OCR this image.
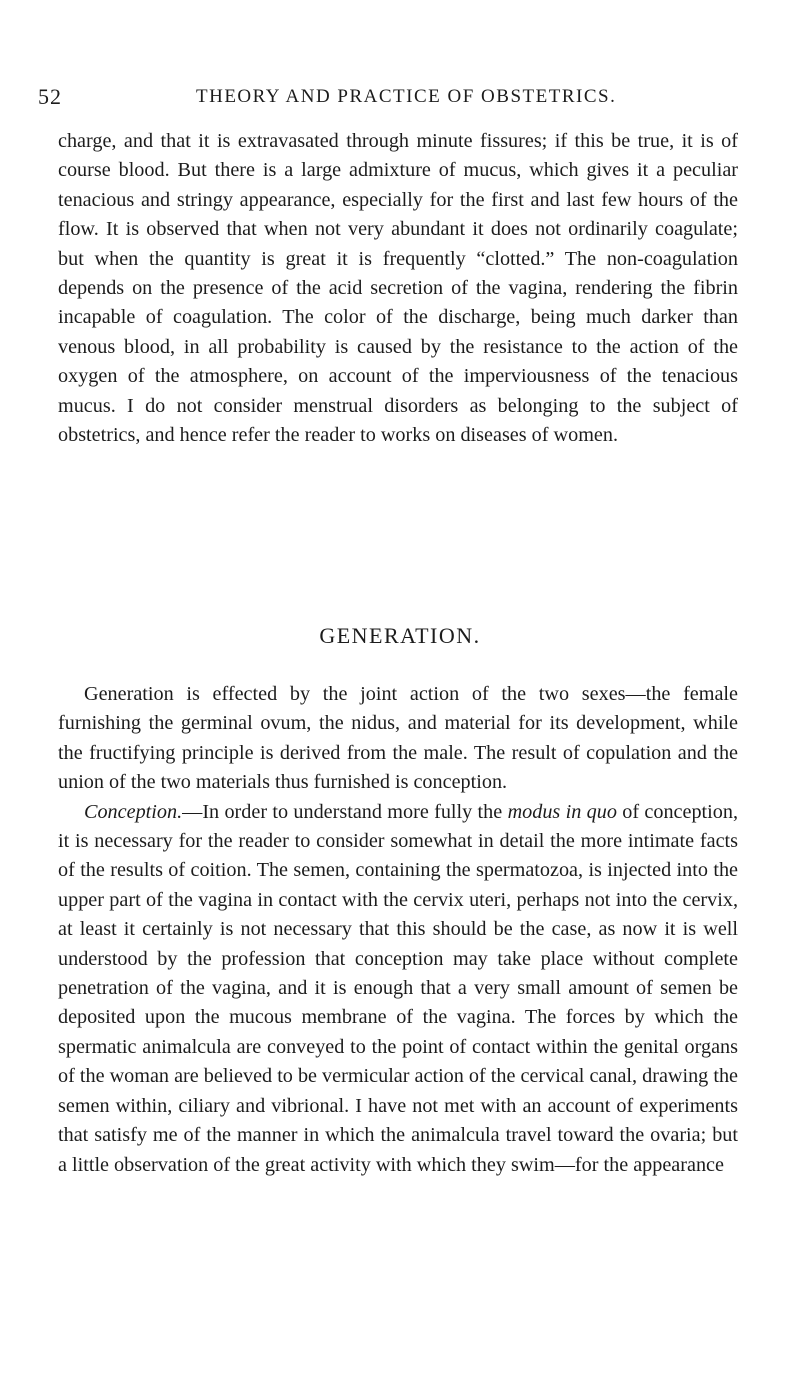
52	THEORY AND PRACTICE OF OBSTETRICS.

charge, and that it is extravasated through minute fissures; if this be true, it is of course blood. But there is a large admixture of mucus, which gives it a peculiar tenacious and stringy appearance, especially for the first and last few hours of the flow. It is observed that when not very abundant it does not ordinarily coagulate; but when the quantity is great it is frequently “clotted.” The non-coagulation depends on the presence of the acid secretion of the vagina, rendering the fibrin incapable of coagulation. The color of the discharge, being much darker than venous blood, in all probability is caused by the resistance to the action of the oxygen of the atmosphere, on account of the imperviousness of the tenacious mucus. I do not consider menstrual disorders as belonging to the subject of obstetrics, and hence refer the reader to works on diseases of women.

GENERATION.

Generation is effected by the joint action of the two sexes—the female furnishing the germinal ovum, the nidus, and material for its development, while the fructifying principle is derived from the male. The result of copulation and the union of the two materials thus furnished is conception.

Conception.—In order to understand more fully the modus in quo of conception, it is necessary for the reader to consider somewhat in detail the more intimate facts of the results of coition. The semen, containing the spermatozoa, is injected into the upper part of the vagina in contact with the cervix uteri, perhaps not into the cervix, at least it certainly is not necessary that this should be the case, as now it is well understood by the profession that conception may take place without complete penetration of the vagina, and it is enough that a very small amount of semen be deposited upon the mucous membrane of the vagina. The forces by which the spermatic animalcula are conveyed to the point of contact within the genital organs of the woman are believed to be vermicular action of the cervical canal, drawing the semen within, ciliary and vibrional. I have not met with an account of experiments that satisfy me of the manner in which the animalcula travel toward the ovaria; but a little observation of the great activity with which they swim—for the appearance
